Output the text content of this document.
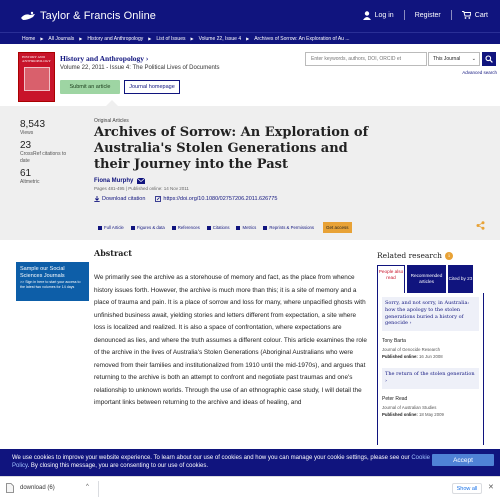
Taylor & Francis Online	Log in	Register	Cart
Home ▶ All Journals ▶ History and Anthropology ▶ List of Issues ▶ Volume 22, Issue 4 ▶ Archives of Sorrow: An Exploration of Au ...
HISTORY AND ANTHROPOLOGY History and Anthropology ›
Volume 22, 2011 - Issue 4: The Political Lives of Documents
Submit an article	Journal homepage
Enter keywords, authors, DOI, ORCID et
This Journal ⌄
Advanced search
8,543
Views
23
CrossRef citations to date
61
Altmetric
Original Articles
Archives of Sorrow: An Exploration of Australia's Stolen Generations and their Journey into the Past
Fiona Murphy
Pages 481-495 | Published online: 14 Nov 2011
Download citation	https://doi.org/10.1080/02757206.2011.626775
Full Article	Figures & data	References	Citations	Metrics	Reprints & Permissions	Get access
Abstract
We primarily see the archive as a storehouse of memory and fact, as the place from whence history issues forth. However, the archive is much more than this; it is a site of memory and a place of trauma and pain. It is a place of sorrow and loss for many, where unpacified ghosts with unfinished business await, yielding stories and letters different from expectation, a site where loss is localized and realized. It is also a space of confrontation, where expectations are denounced as lies, and where the truth assumes a different colour. This article examines the role of the archive in the lives of Australia's Stolen Generations (Aboriginal Australians who were removed from their families and institutionalized from 1910 until the mid-1970s), and argues that returning to the archive is both an attempt to confront and negotiate past traumas and one's relationship to unknown worlds. Through the use of an ethnographic case study, I will detail the important links between returning to the archive and ideas of healing, and
Sample our Social Sciences Journals
>> Sign in here to start your access to the latest two volumes for 14 days
Related research	i
People also read	Recommended articles
Cited by 23
Sorry, and not sorry, in Australia: how the apology to the stolen generations buried a history of genocide ›
Tony Barta
Journal of Genocide Research
Published online: 16 Jun 2008
The return of the stolen generation ›
Peter Read
Journal of Australian Studies
Published online: 18 May 2009
We use cookies to improve your website experience. To learn about our use of cookies and how you can manage your cookie settings, please see our Cookie Policy. By closing this message, you are consenting to our use of cookies.
Accept
download (6)	^	Show all	✕
